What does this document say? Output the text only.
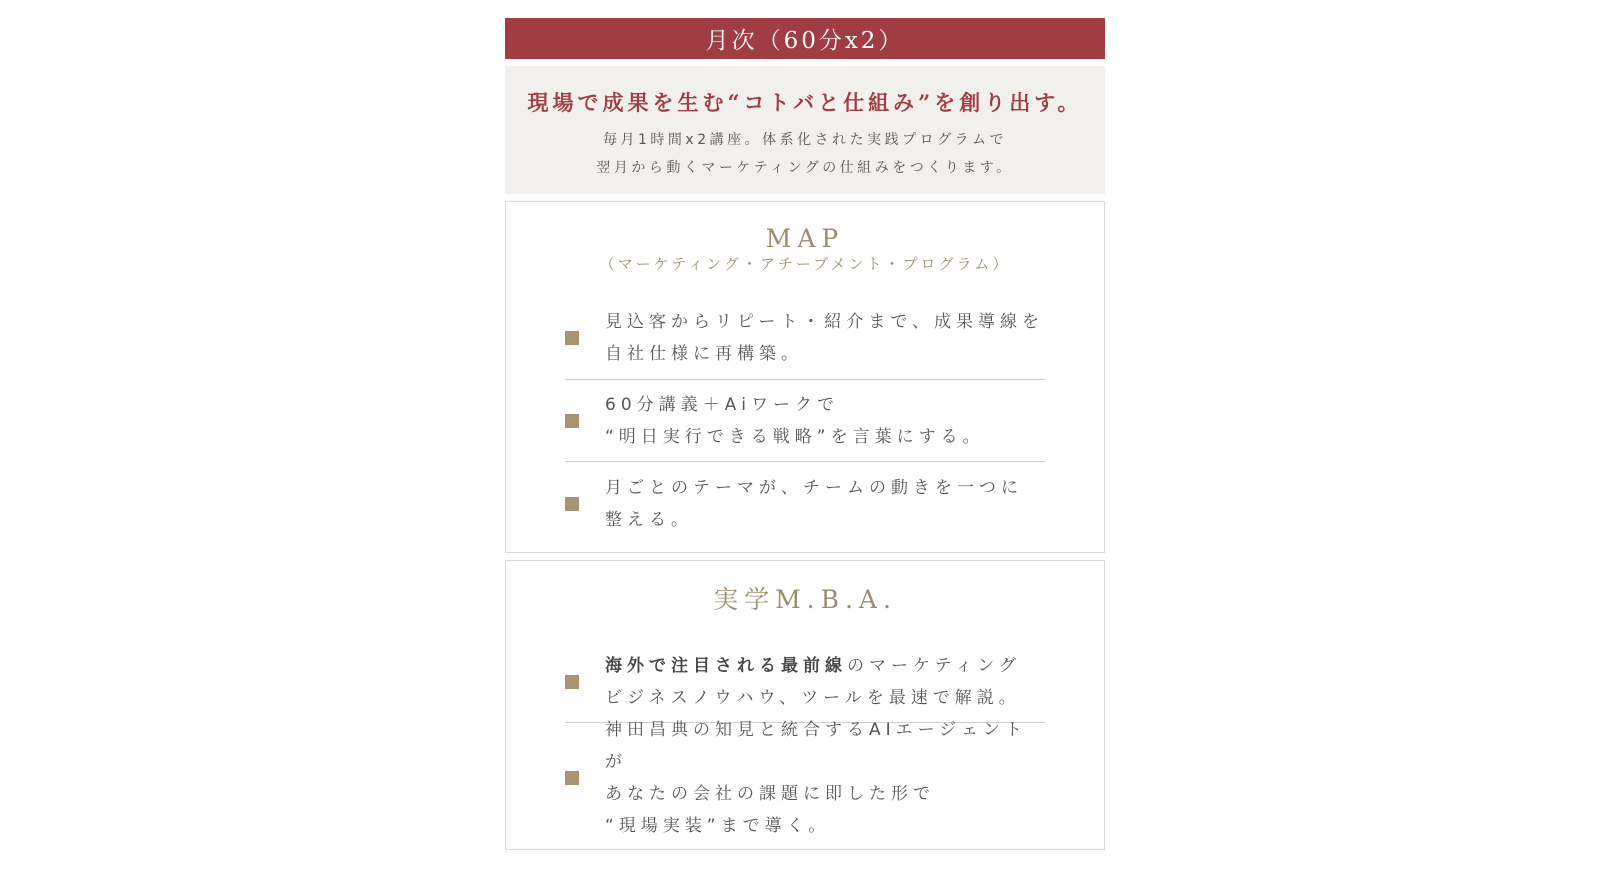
月次（60分x2）
現場で成果を生む“コトバと仕組み”を創り出す。
毎月1時間x2講座。体系化された実践プログラムで
翌月から動くマーケティングの仕組みをつくります。
MAP
（マーケティング・アチーブメント・プログラム）
見込客からリピート・紹介まで、成果導線を
自社仕様に再構築。
60分講義＋Aiワークで
“明日実行できる戦略”を言葉にする。
月ごとのテーマが、チームの動きを一つに
整える。
実学M.B.A.
海外で注目される最前線のマーケティング
ビジネスノウハウ、ツールを最速で解説。
神田昌典の知見と統合するAIエージェントが
あなたの会社の課題に即した形で
“現場実装”まで導く。
